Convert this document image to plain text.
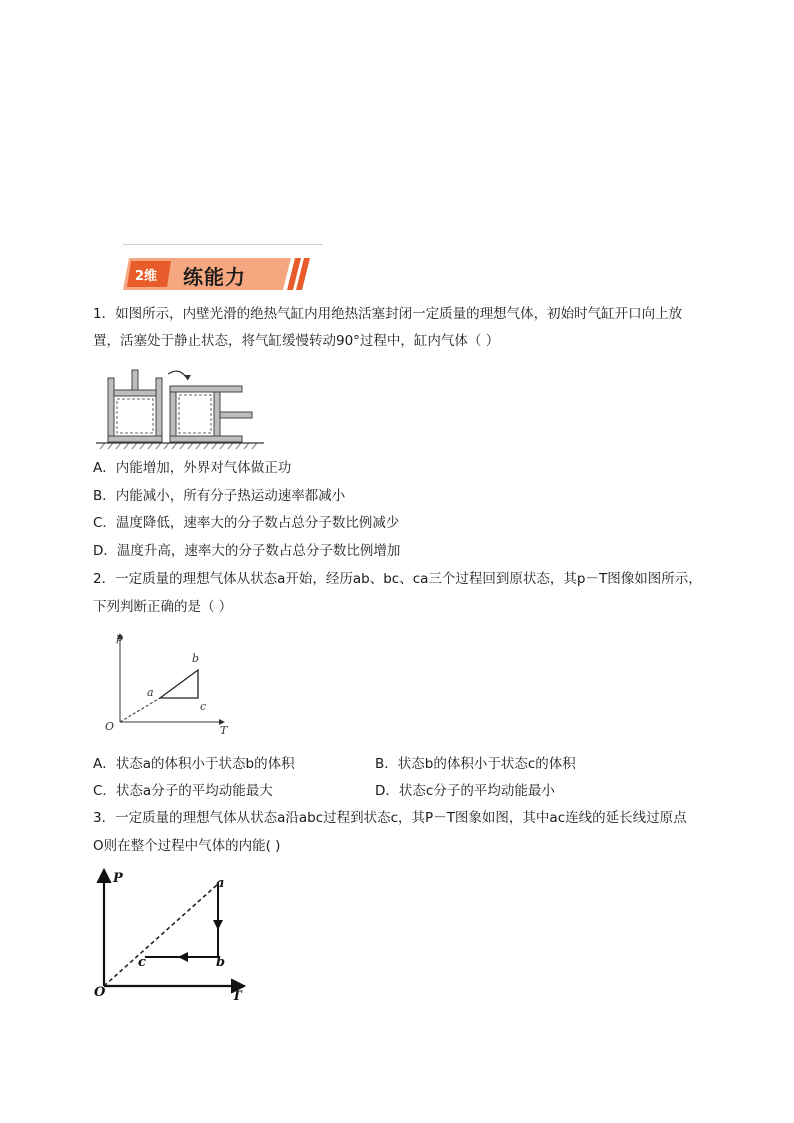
2维 练能力
1．如图所示，内壁光滑的绝热气缸内用绝热活塞封闭一定质量的理想气体，初始时气缸开口向上放
置，活塞处于静止状态，将气缸缓慢转动90°过程中，缸内气体（ ）
A．内能增加，外界对气体做正功
B．内能减小，所有分子热运动速率都减小
C．温度降低，速率大的分子数占总分子数比例减少
D．温度升高，速率大的分子数占总分子数比例增加
2．一定质量的理想气体从状态a开始，经历ab、bc、ca三个过程回到原状态，其p－T图像如图所示，
下列判断正确的是（ ）
O
p
T
a
b
c
A．状态a的体积小于状态b的体积	B．状态b的体积小于状态c的体积
C．状态a分子的平均动能最大	D．状态c分子的平均动能最小
3．一定质量的理想气体从状态a沿abc过程到状态c，其P－T图象如图，其中ac连线的延长线过原点
O则在整个过程中气体的内能( )
O
P
T
a
b
c
